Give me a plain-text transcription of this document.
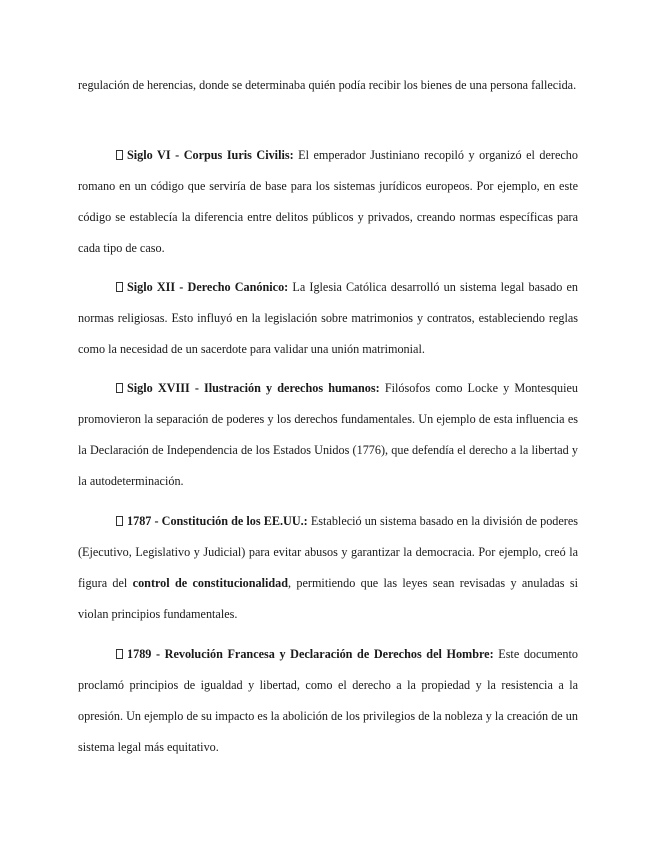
regulación de herencias, donde se determinaba quién podía recibir los bienes de una persona fallecida.

Siglo VI - Corpus Iuris Civilis: El emperador Justiniano recopiló y organizó el derecho romano en un código que serviría de base para los sistemas jurídicos europeos. Por ejemplo, en este código se establecía la diferencia entre delitos públicos y privados, creando normas específicas para cada tipo de caso.

Siglo XII - Derecho Canónico: La Iglesia Católica desarrolló un sistema legal basado en normas religiosas. Esto influyó en la legislación sobre matrimonios y contratos, estableciendo reglas como la necesidad de un sacerdote para validar una unión matrimonial.

Siglo XVIII - Ilustración y derechos humanos: Filósofos como Locke y Montesquieu promovieron la separación de poderes y los derechos fundamentales. Un ejemplo de esta influencia es la Declaración de Independencia de los Estados Unidos (1776), que defendía el derecho a la libertad y la autodeterminación.

1787 - Constitución de los EE.UU.: Estableció un sistema basado en la división de poderes (Ejecutivo, Legislativo y Judicial) para evitar abusos y garantizar la democracia. Por ejemplo, creó la figura del control de constitucionalidad, permitiendo que las leyes sean revisadas y anuladas si violan principios fundamentales.

1789 - Revolución Francesa y Declaración de Derechos del Hombre: Este documento proclamó principios de igualdad y libertad, como el derecho a la propiedad y la resistencia a la opresión. Un ejemplo de su impacto es la abolición de los privilegios de la nobleza y la creación de un sistema legal más equitativo.
